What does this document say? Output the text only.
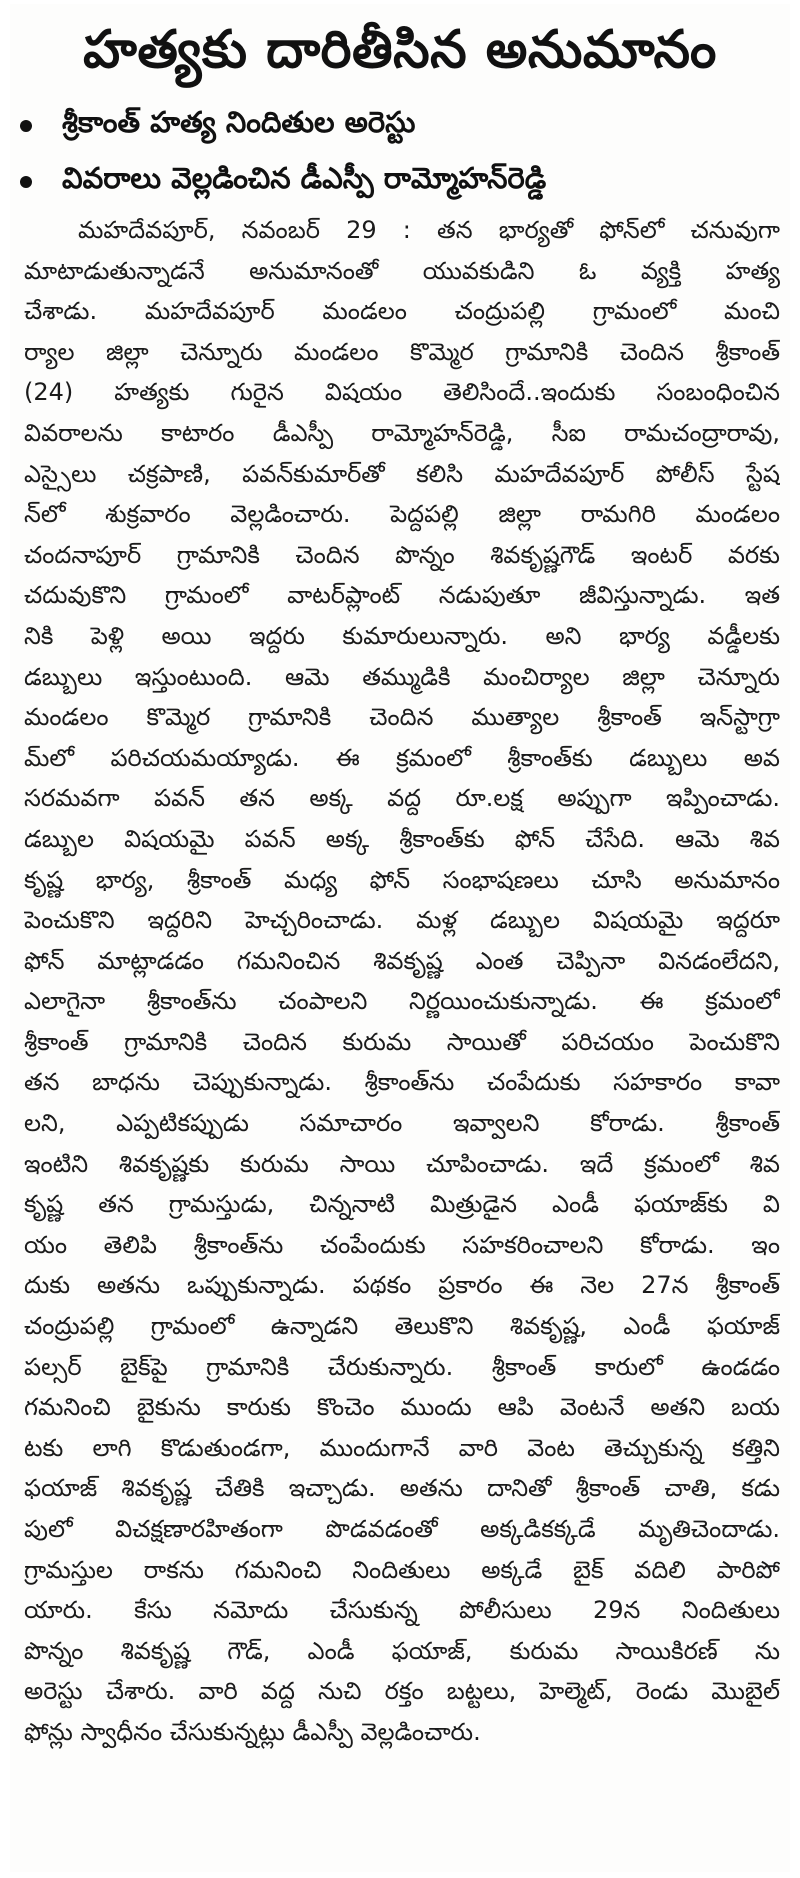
హత్యకు దారితీసిన అనుమానం
శ్రీకాంత్ హత్య నిందితుల అరెస్టు
వివరాలు వెల్లడించిన డీఎస్పీ రామ్మోహన్‌రెడ్డి
మహదేవపూర్, నవంబర్ 29 : తన భార్యతో ఫోన్‌లో చనువుగా
మాటాడుతున్నాడనే అనుమానంతో యువకుడిని ఓ వ్యక్తి హత్య
చేశాడు. మహదేవపూర్ మండలం చంద్రుపల్లి గ్రామంలో మంచి
ర్యాల జిల్లా చెన్నూరు మండలం కొమ్మెర గ్రామానికి చెందిన శ్రీకాంత్
(24) హత్యకు గురైన విషయం తెలిసిందే..ఇందుకు సంబంధించిన
వివరాలను కాటారం డీఎస్పీ రామ్మోహన్‌రెడ్డి, సీఐ రామచంద్రారావు,
ఎస్సైలు చక్రపాణి, పవన్‌కుమార్‌తో కలిసి మహదేవపూర్ పోలీస్ స్టేష
న్‌లో శుక్రవారం వెల్లడించారు. పెద్దపల్లి జిల్లా రామగిరి మండలం
చందనాపూర్ గ్రామానికి చెందిన పొన్నం శివకృష్ణగౌడ్ ఇంటర్ వరకు
చదువుకొని గ్రామంలో వాటర్‌ప్లాంట్ నడుపుతూ జీవిస్తున్నాడు. ఇత
నికి పెళ్లి అయి ఇద్దరు కుమారులున్నారు. అని భార్య వడ్డీలకు
డబ్బులు ఇస్తుంటుంది. ఆమె తమ్ముడికి మంచిర్యాల జిల్లా చెన్నూరు
మండలం కొమ్మెర గ్రామానికి చెందిన ముత్యాల శ్రీకాంత్ ఇన్‌స్టాగ్రా
మ్‌లో పరిచయమయ్యాడు. ఈ క్రమంలో శ్రీకాంత్‌కు డబ్బులు అవ
సరమవగా పవన్ తన అక్క వద్ద రూ.లక్ష అప్పుగా ఇప్పించాడు.
డబ్బుల విషయమై పవన్ అక్క శ్రీకాంత్‌కు ఫోన్ చేసేది. ఆమె శివ
కృష్ణ భార్య, శ్రీకాంత్ మధ్య ఫోన్ సంభాషణలు చూసి అనుమానం
పెంచుకొని ఇద్దరిని హెచ్చరించాడు. మళ్ల డబ్బుల విషయమై ఇద్దరూ
ఫోన్ మాట్లాడడం గమనించిన శివకృష్ణ ఎంత చెప్పినా వినడంలేదని,
ఎలాగైనా శ్రీకాంత్‌ను చంపాలని నిర్ణయించుకున్నాడు. ఈ క్రమంలో
శ్రీకాంత్ గ్రామానికి చెందిన కురుమ సాయితో పరిచయం పెంచుకొని
తన బాధను చెప్పుకున్నాడు. శ్రీకాంత్‌ను చంపేదుకు సహకారం కావా
లని, ఎప్పటికప్పుడు సమాచారం ఇవ్వాలని కోరాడు. శ్రీకాంత్
ఇంటిని శివకృష్ణకు కురుమ సాయి చూపించాడు. ఇదే క్రమంలో శివ
కృష్ణ తన గ్రామస్తుడు, చిన్ననాటి మిత్రుడైన ఎండీ ఫయాజ్‌కు వి
యం తెలిపి శ్రీకాంత్‌ను చంపేందుకు సహకరించాలని కోరాడు. ఇం
దుకు అతను ఒప్పుకున్నాడు. పథకం ప్రకారం ఈ నెల 27న శ్రీకాంత్
చంద్రుపల్లి గ్రామంలో ఉన్నాడని తెలుకొని శివకృష్ణ, ఎండీ ఫయాజ్
పల్సర్ బైక్‌పై గ్రామానికి చేరుకున్నారు. శ్రీకాంత్ కారులో ఉండడం
గమనించి బైకును కారుకు కొంచెం ముందు ఆపి వెంటనే అతని బయ
టకు లాగి కొడుతుండగా, ముందుగానే వారి వెంట తెచ్చుకున్న కత్తిని
ఫయాజ్ శివకృష్ణ చేతికి ఇచ్చాడు. అతను దానితో శ్రీకాంత్ చాతి, కడు
పులో విచక్షణారహితంగా పొడవడంతో అక్కడికక్కడే మృతిచెందాడు.
గ్రామస్తుల రాకను గమనించి నిందితులు అక్కడే బైక్ వదిలి పారిపో
యారు. కేసు నమోదు చేసుకున్న పోలీసులు 29న నిందితులు
పొన్నం శివకృష్ణ గౌడ్, ఎండీ ఫయాజ్, కురుమ సాయికిరణ్ ను
అరెస్టు చేశారు. వారి వద్ద నుచి రక్తం బట్టలు, హెల్మెట్, రెండు మొబైల్
ఫోన్లు స్వాధీనం చేసుకున్నట్లు డీఎస్పీ వెల్లడించారు.
